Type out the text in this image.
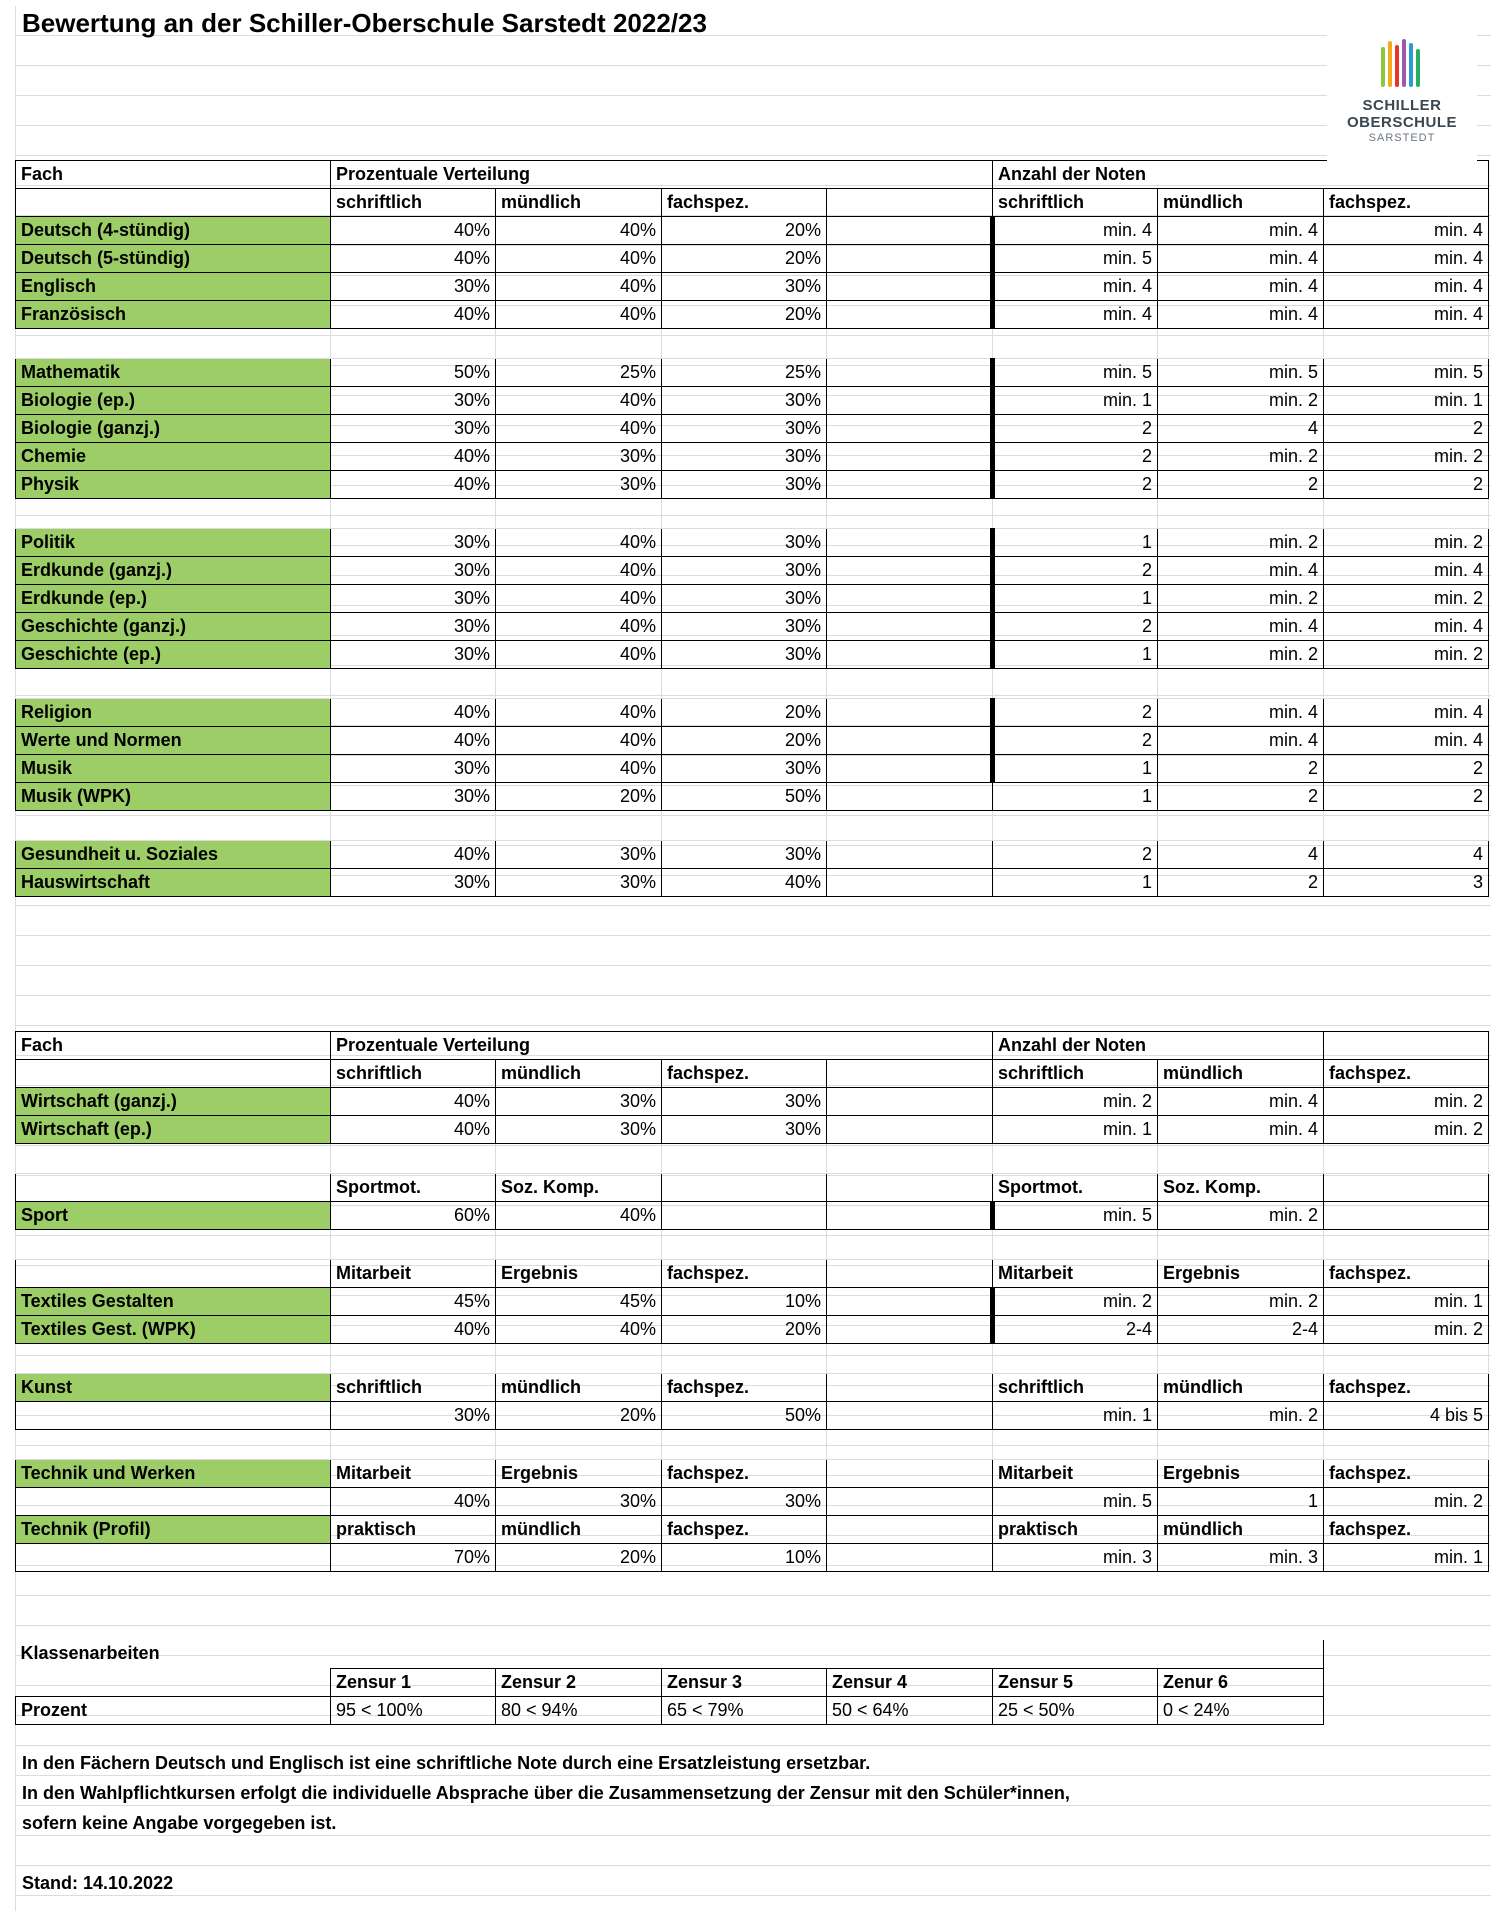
Bewertung an der Schiller-Oberschule Sarstedt 2022/23
SCHILLER
OBERSCHULE
SARSTEDT
Fach	Prozentuale Verteilung				Anzahl der Noten		
	schriftlich	mündlich	fachspez.		schriftlich	mündlich	fachspez.
Deutsch (4-stündig)	40%	40%	20%		min. 4	min. 4	min. 4
Deutsch (5-stündig)	40%	40%	20%		min. 5	min. 4	min. 4
Englisch	30%	40%	30%		min. 4	min. 4	min. 4
Französisch	40%	40%	20%		min. 4	min. 4	min. 4

Mathematik	50%	25%	25%		min. 5	min. 5	min. 5
Biologie (ep.)	30%	40%	30%		min. 1	min. 2	min. 1
Biologie (ganzj.)	30%	40%	30%		2	4	2
Chemie	40%	30%	30%		2	min. 2	min. 2
Physik	40%	30%	30%		2	2	2

Politik	30%	40%	30%		1	min. 2	min. 2
Erdkunde (ganzj.)	30%	40%	30%		2	min. 4	min. 4
Erdkunde (ep.)	30%	40%	30%		1	min. 2	min. 2
Geschichte (ganzj.)	30%	40%	30%		2	min. 4	min. 4
Geschichte (ep.)	30%	40%	30%		1	min. 2	min. 2

Religion	40%	40%	20%		2	min. 4	min. 4
Werte und Normen	40%	40%	20%		2	min. 4	min. 4
Musik	30%	40%	30%		1	2	2
Musik (WPK)	30%	20%	50%		1	2	2

Gesundheit u. Soziales	40%	30%	30%		2	4	4
Hauswirtschaft	30%	30%	40%		1	2	3
Fach	Prozentuale Verteilung				Anzahl der Noten		
	schriftlich	mündlich	fachspez.		schriftlich	mündlich	fachspez.
Wirtschaft (ganzj.)	40%	30%	30%		min. 2	min. 4	min. 2
Wirtschaft (ep.)	40%	30%	30%		min. 1	min. 4	min. 2

	Sportmot.	Soz. Komp.			Sportmot.	Soz. Komp.	
Sport	60%	40%			min. 5	min. 2	

	Mitarbeit	Ergebnis	fachspez.		Mitarbeit	Ergebnis	fachspez.
Textiles Gestalten	45%	45%	10%		min. 2	min. 2	min. 1
Textiles Gest. (WPK)	40%	40%	20%		2-4	2-4	min. 2

Kunst	schriftlich	mündlich	fachspez.		schriftlich	mündlich	fachspez.
	30%	20%	50%		min. 1	min. 2	4 bis 5

Technik und Werken	Mitarbeit	Ergebnis	fachspez.		Mitarbeit	Ergebnis	fachspez.
	40%	30%	30%		min. 5	1	min. 2
Technik (Profil)	praktisch	mündlich	fachspez.		praktisch	mündlich	fachspez.
	70%	20%	10%		min. 3	min. 3	min. 1
Klassenarbeiten						
	Zensur 1	Zensur 2	Zensur 3	Zensur 4	Zensur 5	Zenur 6
Prozent	95 < 100%	80 < 94%	65 < 79%	50 < 64%	25 < 50%	0 < 24%
In den Fächern Deutsch und Englisch ist eine schriftliche Note durch eine Ersatzleistung ersetzbar.
In den Wahlpflichtkursen erfolgt die individuelle Absprache über die Zusammensetzung der Zensur mit den Schüler*innen,
sofern keine Angabe vorgegeben ist.
Stand: 14.10.2022
